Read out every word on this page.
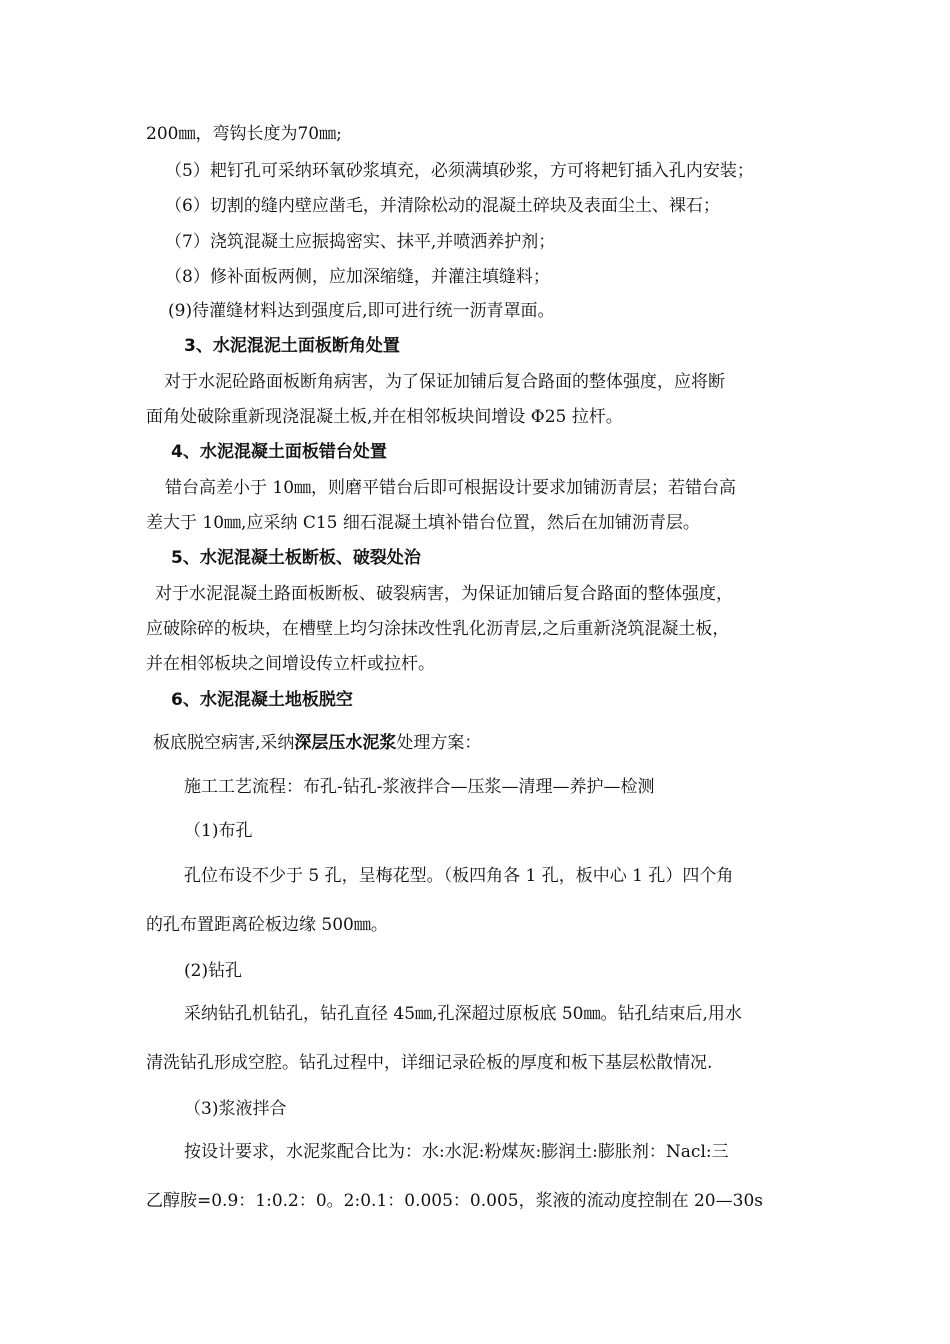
200㎜，弯钩长度为70㎜;
（5）耙钉孔可采纳环氧砂浆填充，必须满填砂浆，方可将耙钉插入孔内安装；
（6）切割的缝内壁应凿毛，并清除松动的混凝土碎块及表面尘土、裸石；
（7）浇筑混凝土应振捣密实、抹平,并喷洒养护剂；
（8）修补面板两侧，应加深缩缝，并灌注填缝料；
(9)待灌缝材料达到强度后,即可进行统一沥青罩面。
3、水泥混泥土面板断角处置
对于水泥砼路面板断角病害，为了保证加铺后复合路面的整体强度，应将断
面角处破除重新现浇混凝土板,并在相邻板块间增设 Φ25 拉杆。
4、水泥混凝土面板错台处置
错台高差小于 10㎜，则磨平错台后即可根据设计要求加铺沥青层；若错台高
差大于 10㎜,应采纳 C15 细石混凝土填补错台位置，然后在加铺沥青层。
5、水泥混凝土板断板、破裂处治
对于水泥混凝土路面板断板、破裂病害，为保证加铺后复合路面的整体强度，
应破除碎的板块，在槽壁上均匀涂抹改性乳化沥青层,之后重新浇筑混凝土板，
并在相邻板块之间增设传立杆或拉杆。
6、水泥混凝土地板脱空
板底脱空病害,采纳深层压水泥浆处理方案：
施工工艺流程：布孔-钻孔-浆液拌合—压浆—清理—养护—检测
（1)布孔
孔位布设不少于 5 孔，呈梅花型。（板四角各 1 孔，板中心 1 孔）四个角
的孔布置距离砼板边缘 500㎜。
(2)钻孔
采纳钻孔机钻孔，钻孔直径 45㎜,孔深超过原板底 50㎜。钻孔结束后,用水
清洗钻孔形成空腔。钻孔过程中，详细记录砼板的厚度和板下基层松散情况.
（3)浆液拌合
按设计要求，水泥浆配合比为：水:水泥:粉煤灰:膨润土:膨胀剂：Nacl:三
乙醇胺=0.9：1:0.2：0。2:0.1：0.005：0.005，浆液的流动度控制在 20—30s
